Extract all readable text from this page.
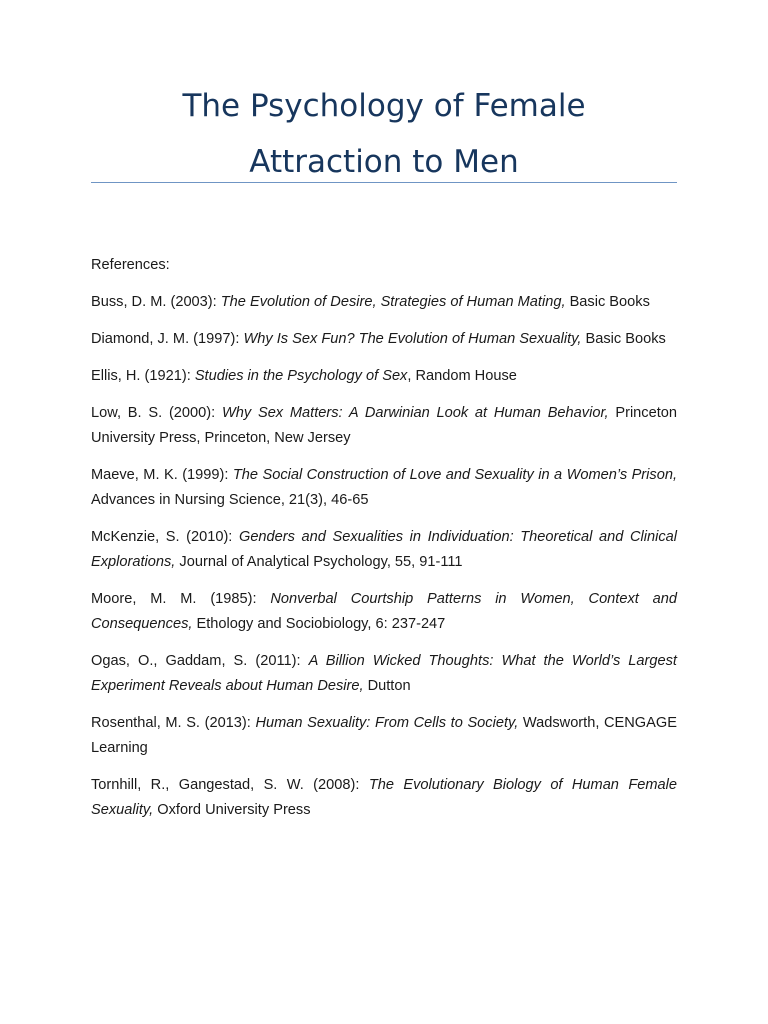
The Psychology of Female
Attraction to Men

References:

Buss, D. M. (2003): The Evolution of Desire, Strategies of Human Mating, Basic Books

Diamond, J. M. (1997): Why Is Sex Fun? The Evolution of Human Sexuality, Basic Books

Ellis, H. (1921): Studies in the Psychology of Sex, Random House

Low, B. S. (2000): Why Sex Matters: A Darwinian Look at Human Behavior, Princeton University Press, Princeton, New Jersey

Maeve, M. K. (1999): The Social Construction of Love and Sexuality in a Women’s Prison, Advances in Nursing Science, 21(3), 46-65

McKenzie, S. (2010): Genders and Sexualities in Individuation: Theoretical and Clinical Explorations, Journal of Analytical Psychology, 55, 91-111

Moore, M. M. (1985): Nonverbal Courtship Patterns in Women, Context and Consequences, Ethology and Sociobiology, 6: 237-247

Ogas, O., Gaddam, S. (2011): A Billion Wicked Thoughts: What the World’s Largest Experiment Reveals about Human Desire, Dutton

Rosenthal, M. S. (2013): Human Sexuality: From Cells to Society, Wadsworth, CENGAGE Learning

Tornhill, R., Gangestad, S. W. (2008): The Evolutionary Biology of Human Female Sexuality, Oxford University Press
